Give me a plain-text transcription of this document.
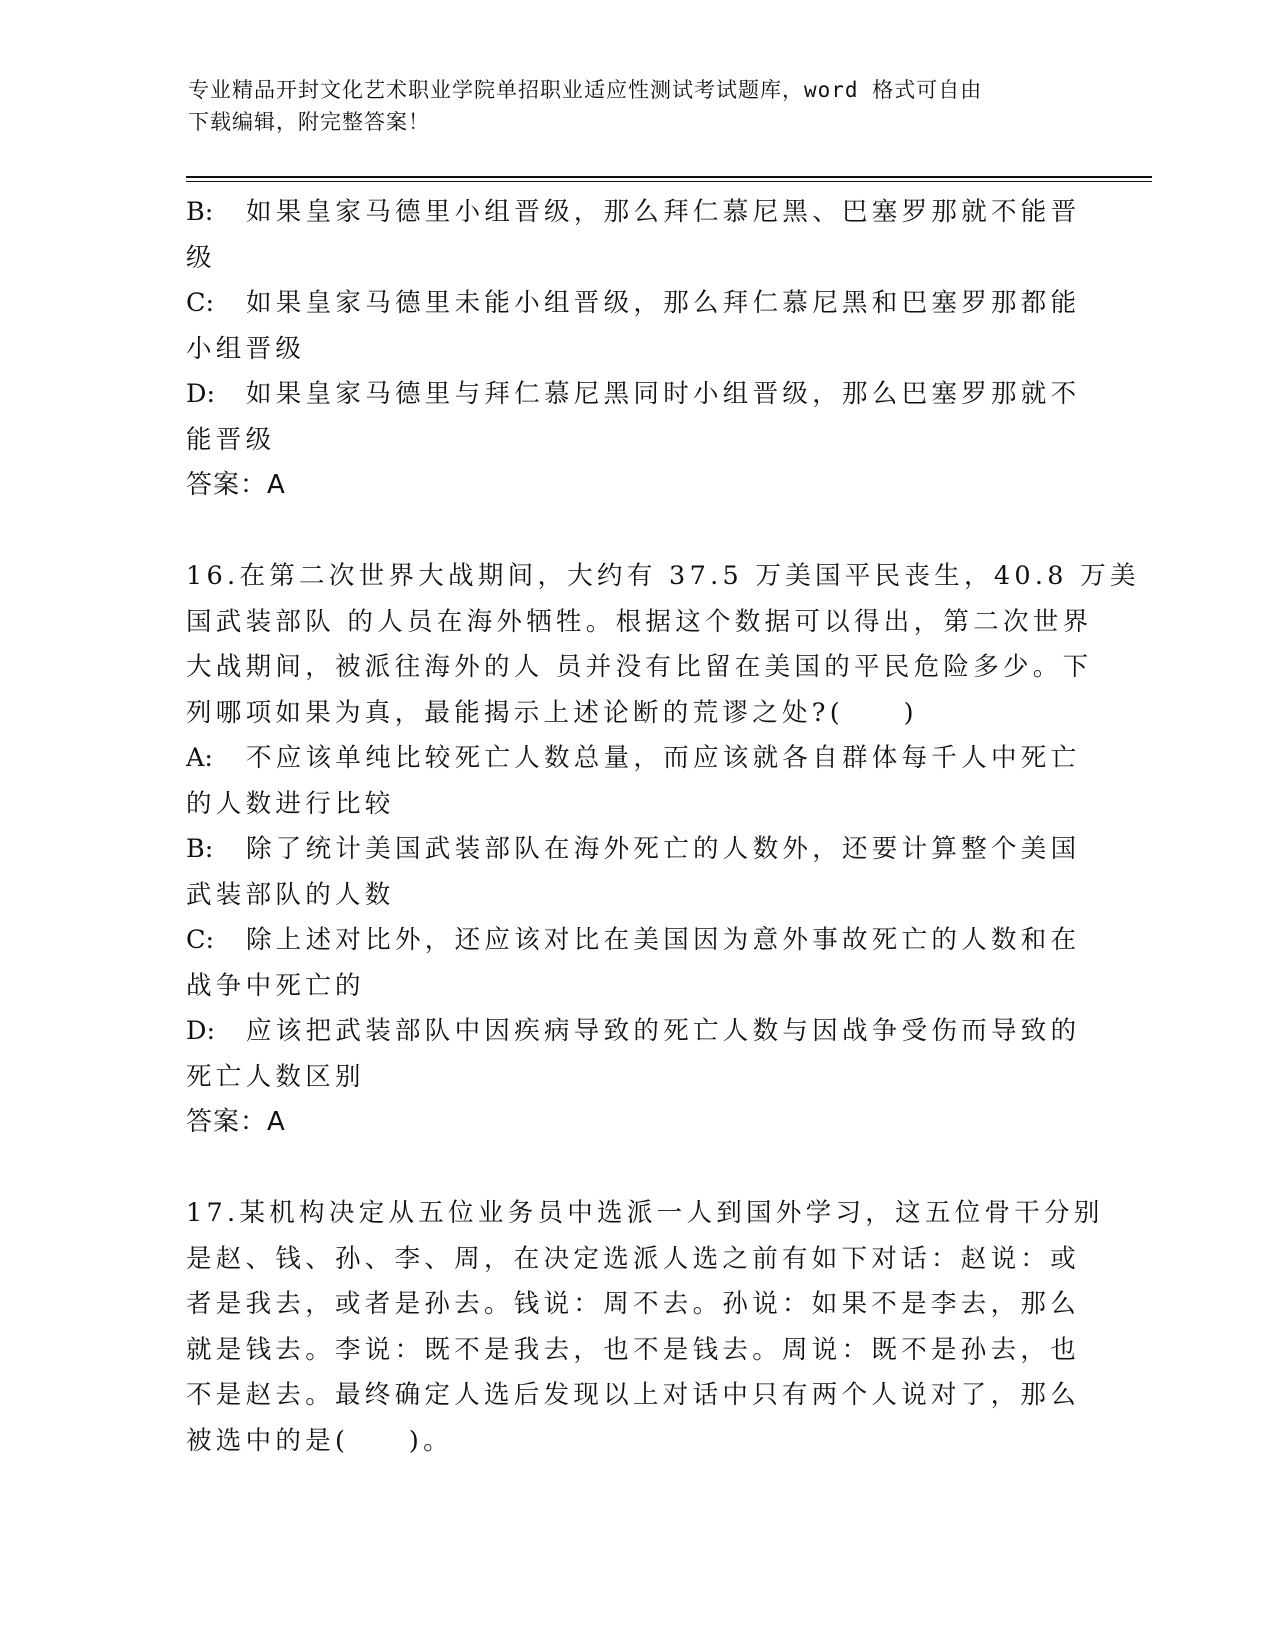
专业精品开封文化艺术职业学院单招职业适应性测试考试题库，word 格式可自由
下载编辑，附完整答案！
B: 如果皇家马德里小组晋级，那么拜仁慕尼黑、巴塞罗那就不能晋
级
C: 如果皇家马德里未能小组晋级，那么拜仁慕尼黑和巴塞罗那都能
小组晋级
D: 如果皇家马德里与拜仁慕尼黑同时小组晋级，那么巴塞罗那就不
能晋级
答案：A
16.在第二次世界大战期间，大约有 37.5 万美国平民丧生，40.8 万美
国武装部队 的人员在海外牺牲。根据这个数据可以得出，第二次世界
大战期间，被派往海外的人 员并没有比留在美国的平民危险多少。下
列哪项如果为真，最能揭示上述论断的荒谬之处?(　　)
A: 不应该单纯比较死亡人数总量，而应该就各自群体每千人中死亡
的人数进行比较
B: 除了统计美国武装部队在海外死亡的人数外，还要计算整个美国
武装部队的人数
C: 除上述对比外，还应该对比在美国因为意外事故死亡的人数和在
战争中死亡的
D: 应该把武装部队中因疾病导致的死亡人数与因战争受伤而导致的
死亡人数区别
答案：A
17.某机构决定从五位业务员中选派一人到国外学习，这五位骨干分别
是赵、钱、孙、李、周，在决定选派人选之前有如下对话：赵说：或
者是我去，或者是孙去。钱说：周不去。孙说：如果不是李去，那么
就是钱去。李说：既不是我去，也不是钱去。周说：既不是孙去，也
不是赵去。最终确定人选后发现以上对话中只有两个人说对了，那么
被选中的是(　　)。
